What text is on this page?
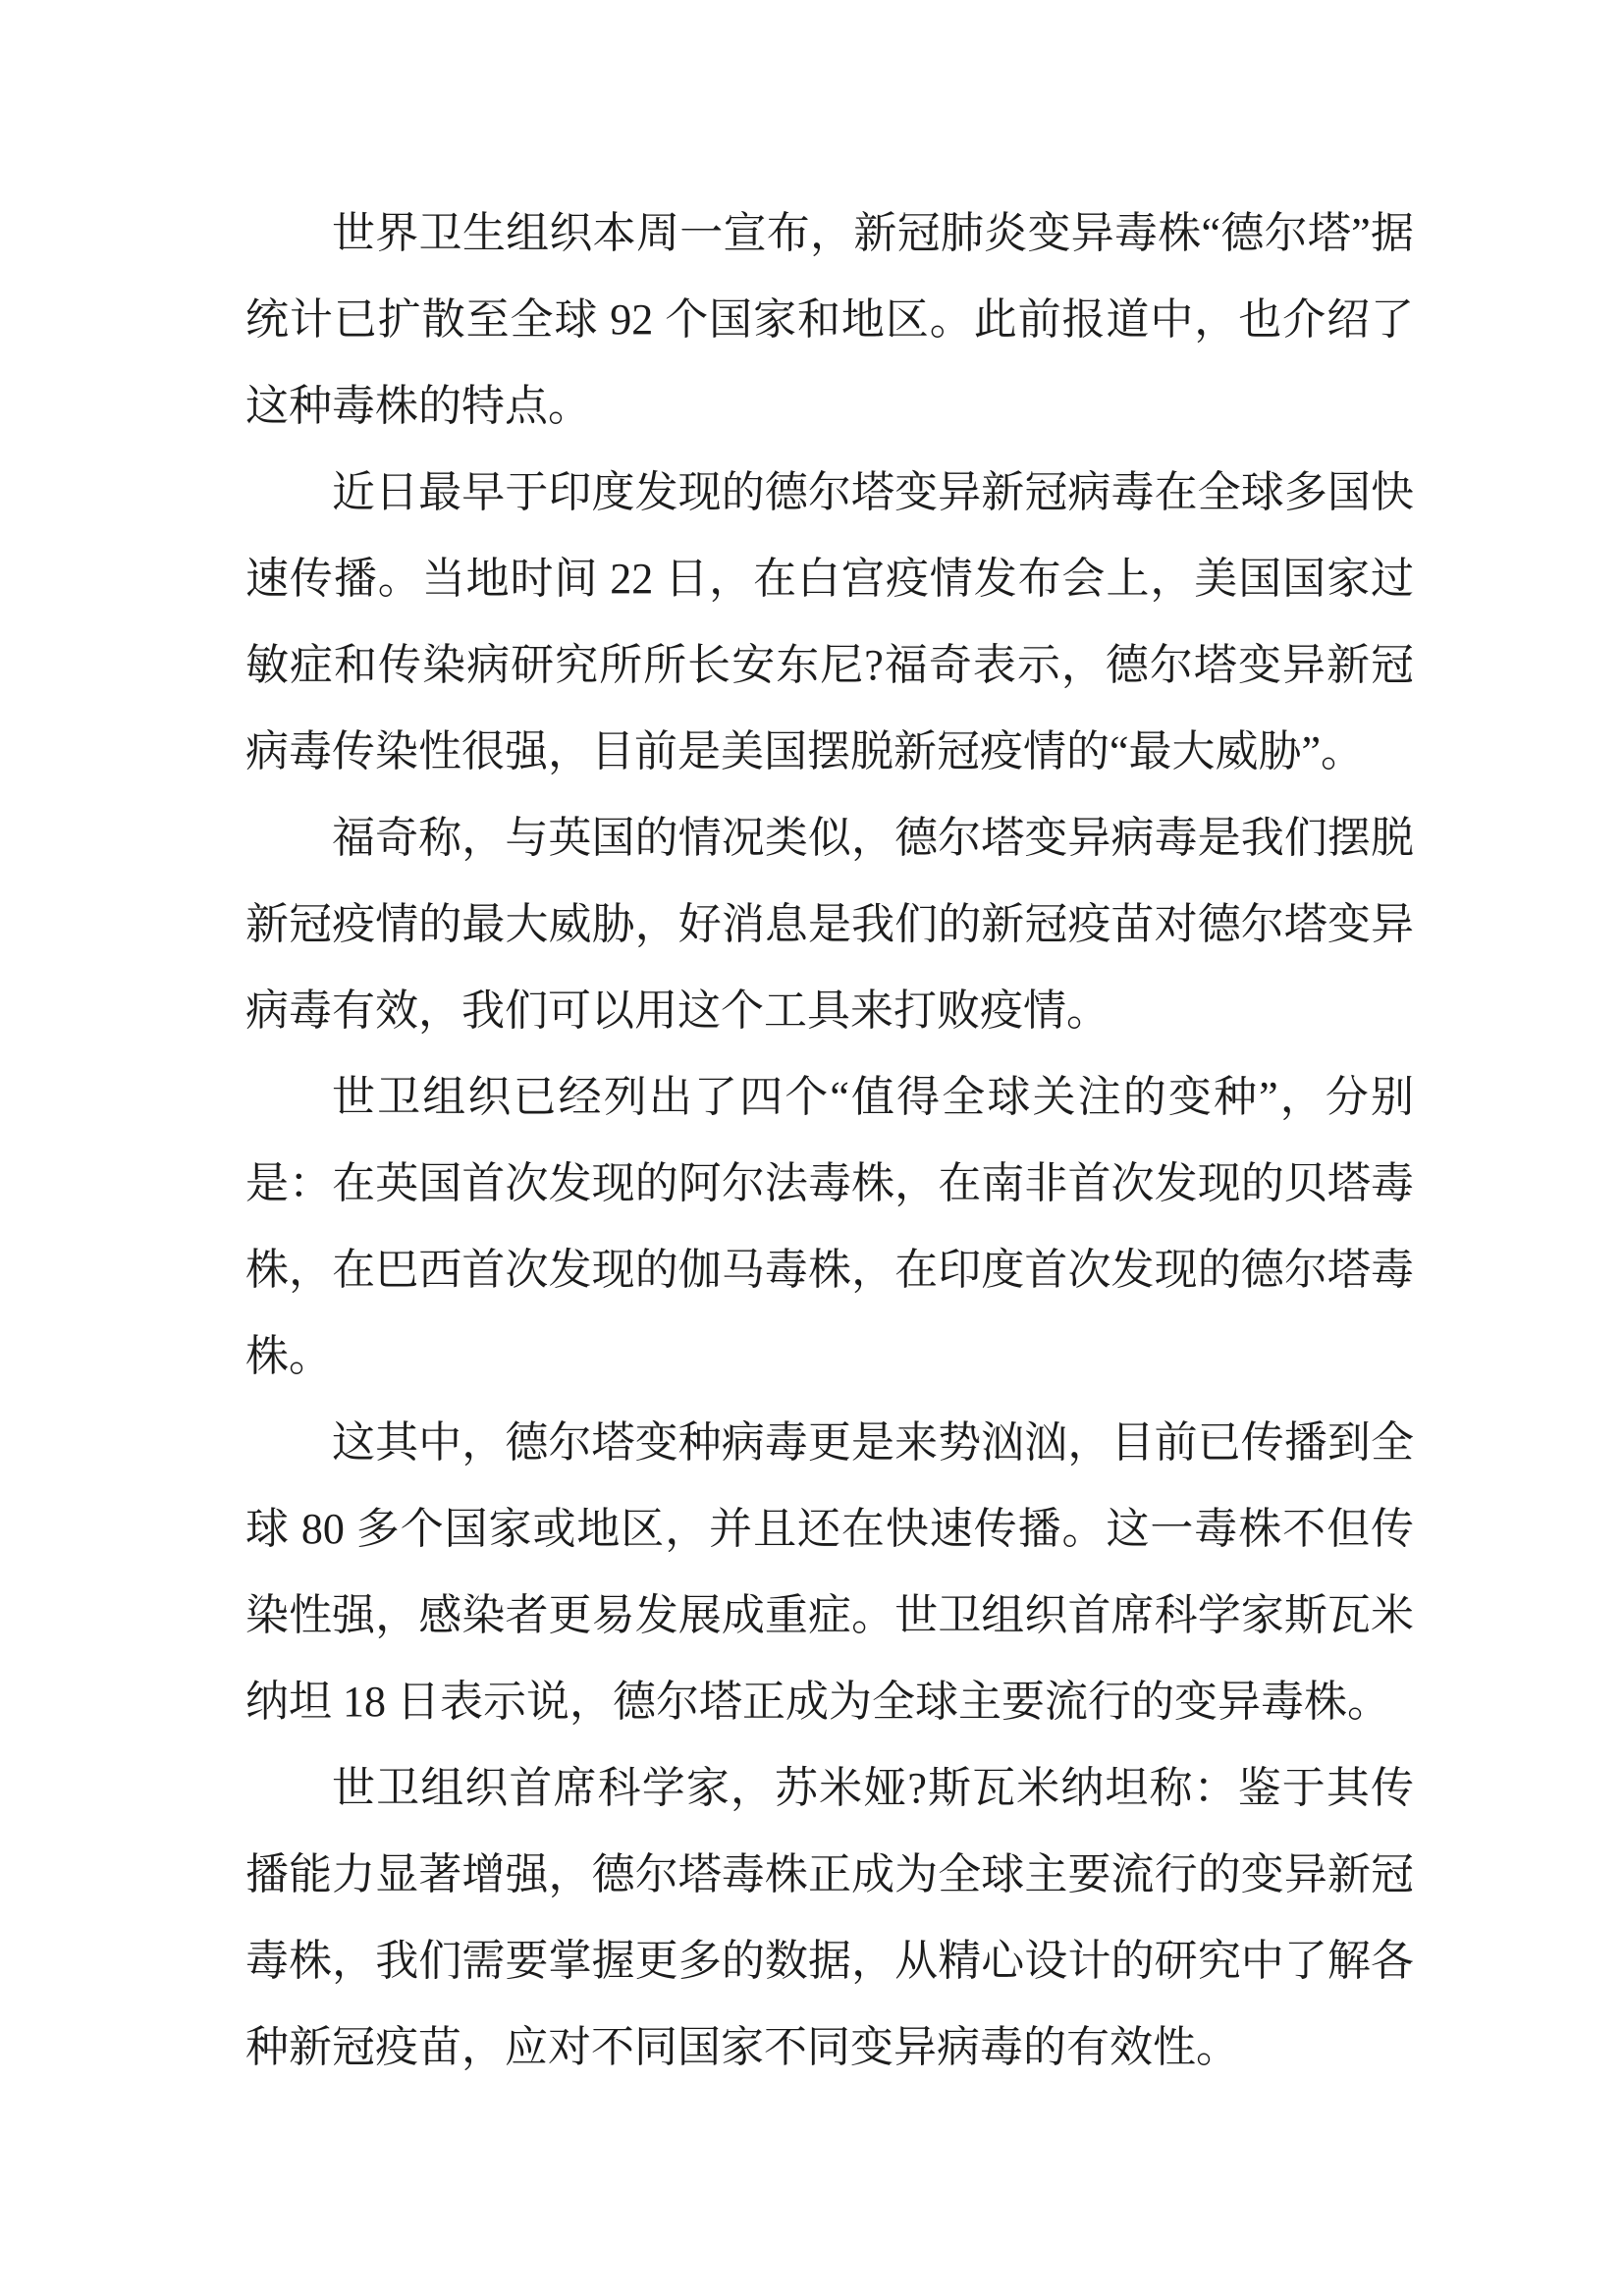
世界卫生组织本周一宣布，新冠肺炎变异毒株“德尔塔”据统计已扩散至全球 92 个国家和地区。此前报道中，也介绍了这种毒株的特点。

近日最早于印度发现的德尔塔变异新冠病毒在全球多国快速传播。当地时间 22 日，在白宫疫情发布会上，美国国家过敏症和传染病研究所所长安东尼?福奇表示，德尔塔变异新冠病毒传染性很强，目前是美国摆脱新冠疫情的“最大威胁”。

福奇称，与英国的情况类似，德尔塔变异病毒是我们摆脱新冠疫情的最大威胁，好消息是我们的新冠疫苗对德尔塔变异病毒有效，我们可以用这个工具来打败疫情。

世卫组织已经列出了四个“值得全球关注的变种”，分别是：在英国首次发现的阿尔法毒株，在南非首次发现的贝塔毒株，在巴西首次发现的伽马毒株，在印度首次发现的德尔塔毒株。

这其中，德尔塔变种病毒更是来势汹汹，目前已传播到全球 80 多个国家或地区，并且还在快速传播。这一毒株不但传染性强，感染者更易发展成重症。世卫组织首席科学家斯瓦米纳坦 18 日表示说，德尔塔正成为全球主要流行的变异毒株。

世卫组织首席科学家，苏米娅?斯瓦米纳坦称：鉴于其传播能力显著增强，德尔塔毒株正成为全球主要流行的变异新冠毒株，我们需要掌握更多的数据，从精心设计的研究中了解各种新冠疫苗，应对不同国家不同变异病毒的有效性。
